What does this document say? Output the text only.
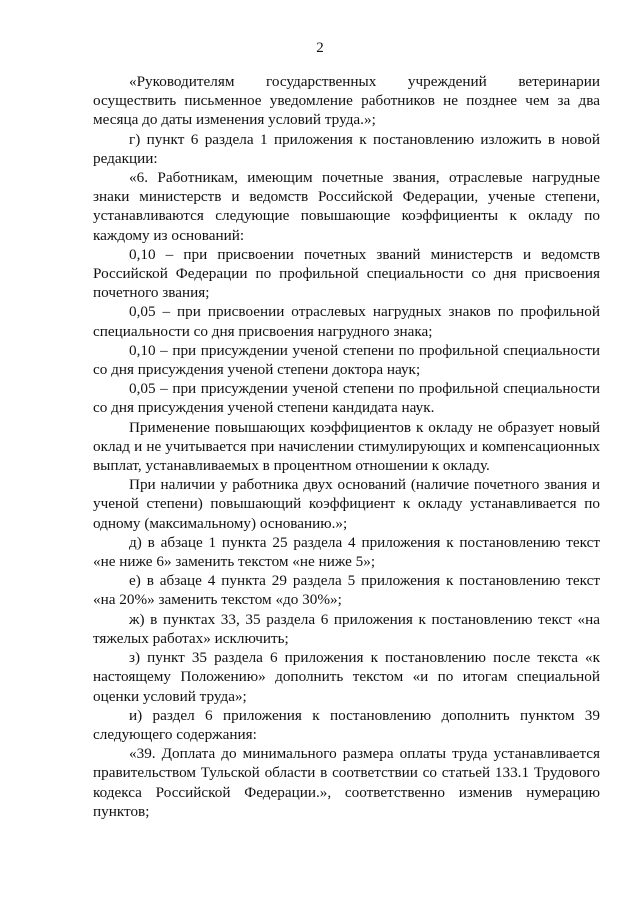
2

«Руководителям государственных учреждений ветеринарии осуществить письменное уведомление работников не позднее чем за два месяца до даты изменения условий труда.»;

г) пункт 6 раздела 1 приложения к постановлению изложить в новой редакции:

«6. Работникам, имеющим почетные звания, отраслевые нагрудные знаки министерств и ведомств Российской Федерации, ученые степени, устанавливаются следующие повышающие коэффициенты к окладу по каждому из оснований:

0,10 – при присвоении почетных званий министерств и ведомств Российской Федерации по профильной специальности со дня присвоения почетного звания;

0,05 – при присвоении отраслевых нагрудных знаков по профильной специальности со дня присвоения нагрудного знака;

0,10 – при присуждении ученой степени по профильной специальности со дня присуждения ученой степени доктора наук;

0,05 – при присуждении ученой степени по профильной специальности со дня присуждения ученой степени кандидата наук.

Применение повышающих коэффициентов к окладу не образует новый оклад и не учитывается при начислении стимулирующих и компенсационных выплат, устанавливаемых в процентном отношении к окладу.

При наличии у работника двух оснований (наличие почетного звания и ученой степени) повышающий коэффициент к окладу устанавливается по одному (максимальному) основанию.»;

д) в абзаце 1 пункта 25 раздела 4 приложения к постановлению текст «не ниже 6» заменить текстом «не ниже 5»;

е) в абзаце 4 пункта 29 раздела 5 приложения к постановлению текст «на 20%» заменить текстом «до 30%»;

ж) в пунктах 33, 35 раздела 6 приложения к постановлению текст «на тяжелых работах» исключить;

з) пункт 35 раздела 6 приложения к постановлению после текста «к настоящему Положению» дополнить текстом «и по итогам специальной оценки условий труда»;

и) раздел 6 приложения к постановлению дополнить пунктом 39 следующего содержания:

«39. Доплата до минимального размера оплаты труда устанавливается правительством Тульской области в соответствии со статьей 133.1 Трудового кодекса Российской Федерации.», соответственно изменив нумерацию пунктов;
